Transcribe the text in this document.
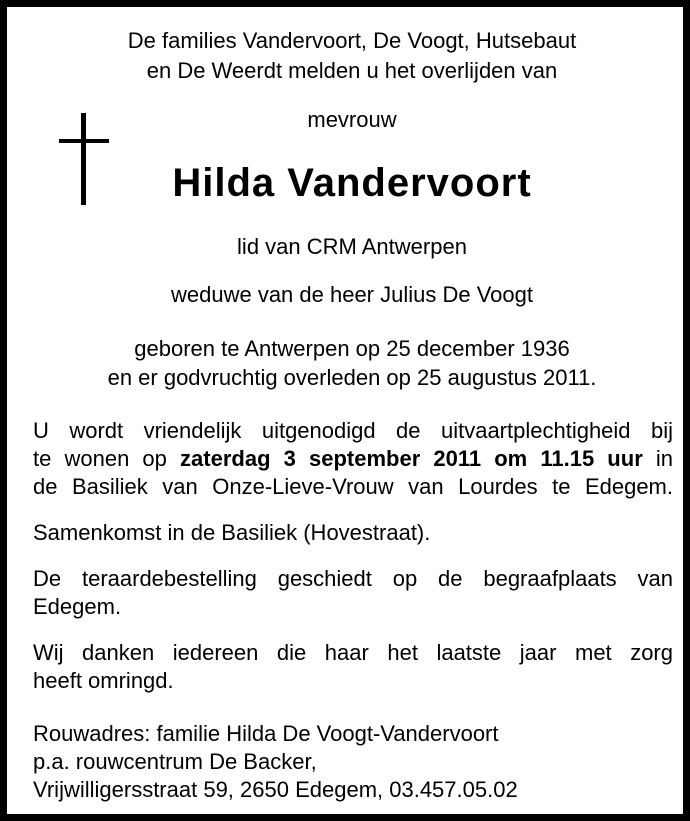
De families Vandervoort, De Voogt, Hutsebaut
en De Weerdt melden u het overlijden van
mevrouw
Hilda Vandervoort
lid van CRM Antwerpen
weduwe van de heer Julius De Voogt
geboren te Antwerpen op 25 december 1936
en er godvruchtig overleden op 25 augustus 2011.
U wordt vriendelijk uitgenodigd de uitvaartplechtigheid bij
te wonen op zaterdag 3 september 2011 om 11.15 uur in
de Basiliek van Onze-Lieve-Vrouw van Lourdes te Edegem.
Samenkomst in de Basiliek (Hovestraat).
De teraardebestelling geschiedt op de begraafplaats van
Edegem.
Wij danken iedereen die haar het laatste jaar met zorg
heeft omringd.
Rouwadres: familie Hilda De Voogt-Vandervoort
p.a. rouwcentrum De Backer,
Vrijwilligersstraat 59, 2650 Edegem, 03.457.05.02
